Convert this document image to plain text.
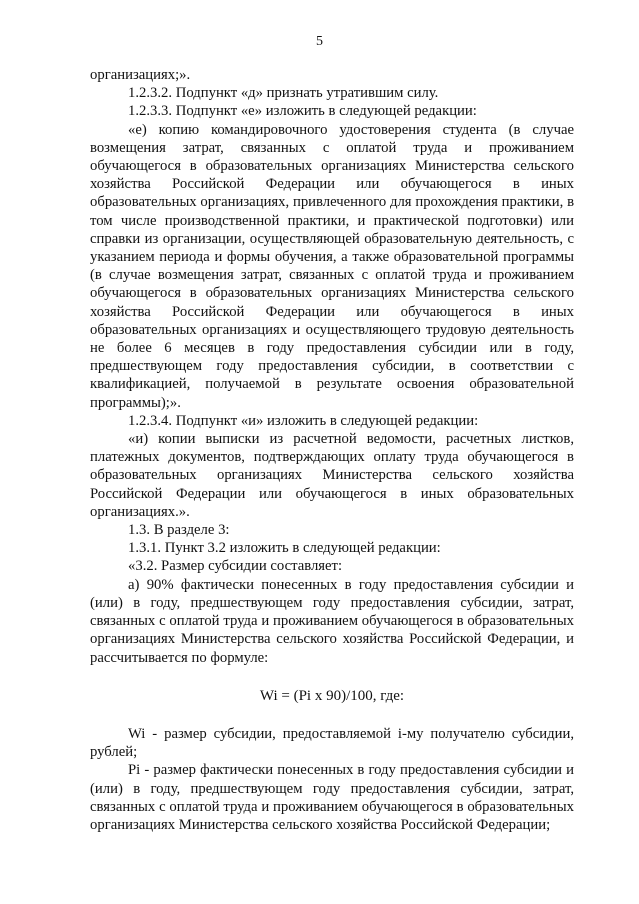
5

организациях;».

1.2.3.2. Подпункт «д» признать утратившим силу.

1.2.3.3. Подпункт «е» изложить в следующей редакции:

«е) копию командировочного удостоверения студента (в случае возмещения затрат, связанных с оплатой труда и проживанием обучающегося в образовательных организациях Министерства сельского хозяйства Российской Федерации или обучающегося в иных образовательных организациях, привлеченного для прохождения практики, в том числе производственной практики, и практической подготовки) или справки из организации, осуществляющей образовательную деятельность, с указанием периода и формы обучения, а также образовательной программы (в случае возмещения затрат, связанных с оплатой труда и проживанием обучающегося в образовательных организациях Министерства сельского хозяйства Российской Федерации или обучающегося в иных образовательных организациях и осуществляющего трудовую деятельность не более 6 месяцев в году предоставления субсидии или в году, предшествующем году предоставления субсидии, в соответствии с квалификацией, получаемой в результате освоения образовательной программы);».

1.2.3.4. Подпункт «и» изложить в следующей редакции:

«и) копии выписки из расчетной ведомости, расчетных листков, платежных документов, подтверждающих оплату труда обучающегося в образовательных организациях Министерства сельского хозяйства Российской Федерации или обучающегося в иных образовательных организациях.».

1.3. В разделе 3:

1.3.1. Пункт 3.2 изложить в следующей редакции:

«3.2. Размер субсидии составляет:

а) 90% фактически понесенных в году предоставления субсидии и (или) в году, предшествующем году предоставления субсидии, затрат, связанных с оплатой труда и проживанием обучающегося в образовательных организациях Министерства сельского хозяйства Российской Федерации, и рассчитывается по формуле:

Wi = (Pi x 90)/100, где:

Wi - размер субсидии, предоставляемой i-му получателю субсидии, рублей;

Pi - размер фактически понесенных в году предоставления субсидии и (или) в году, предшествующем году предоставления субсидии, затрат, связанных с оплатой труда и проживанием обучающегося в образовательных организациях Министерства сельского хозяйства Российской Федерации;
